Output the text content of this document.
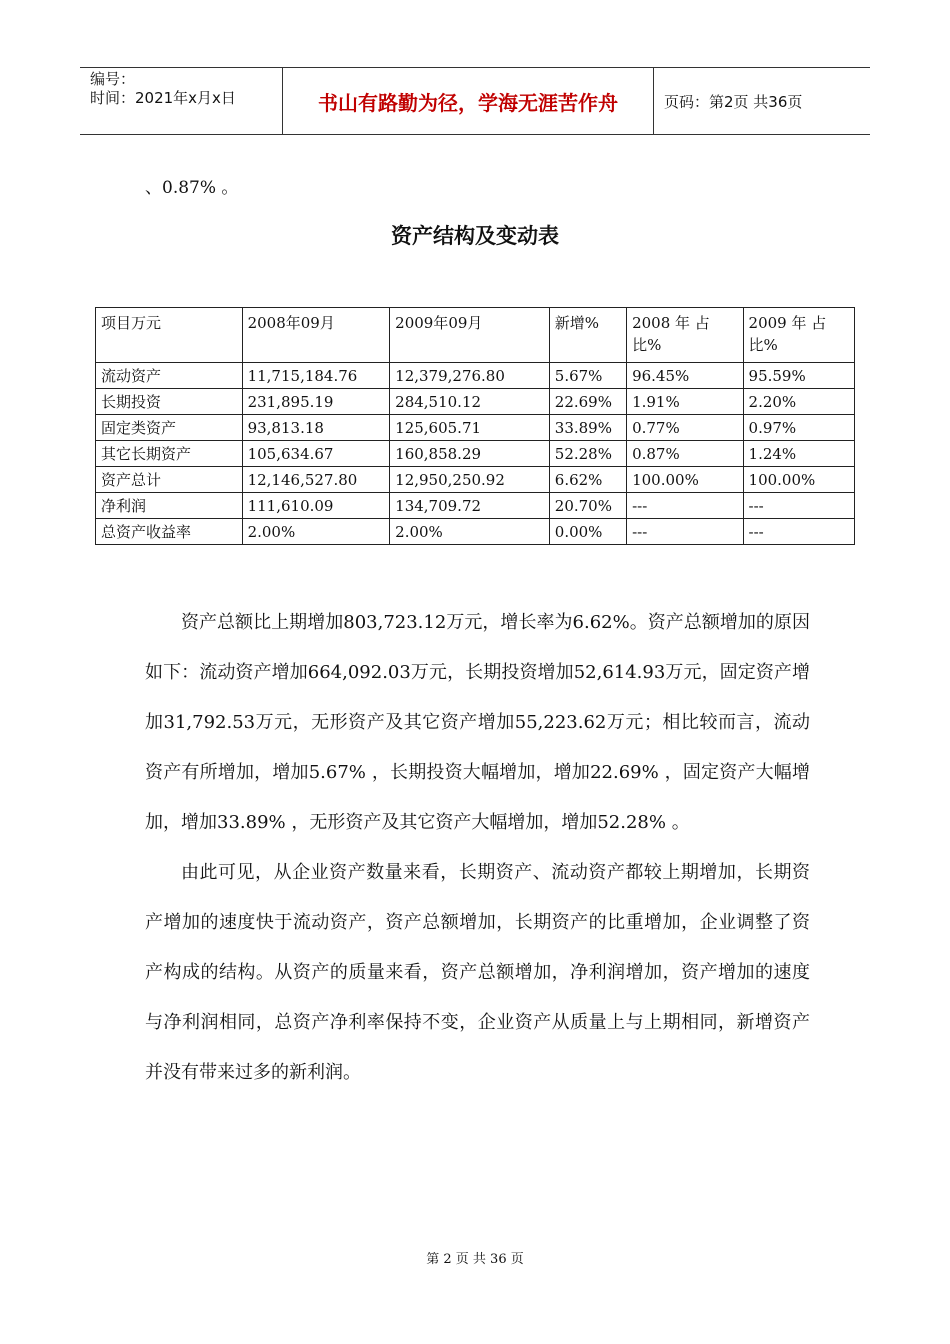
编号：
时间：2021年x月x日	书山有路勤为径，学海无涯苦作舟	页码：第2页 共36页
、0.87% 。
资产结构及变动表
项目万元	2008年09月	2009年09月	新增%	2008 年 占比%	2009 年 占比%
流动资产	11,715,184.76	12,379,276.80	5.67%	96.45%	95.59%
长期投资	231,895.19	284,510.12	22.69%	1.91%	2.20%
固定类资产	93,813.18	125,605.71	33.89%	0.77%	0.97%
其它长期资产	105,634.67	160,858.29	52.28%	0.87%	1.24%
资产总计	12,146,527.80	12,950,250.92	6.62%	100.00%	100.00%
净利润	111,610.09	134,709.72	20.70%	---	---
总资产收益率	2.00%	2.00%	0.00%	---	---

资产总额比上期增加803,723.12万元，增长率为6.62%。资产总额增加的原因如下：流动资产增加664,092.03万元，长期投资增加52,614.93万元，固定资产增加31,792.53万元，无形资产及其它资产增加55,223.62万元；相比较而言，流动资产有所增加，增加5.67% ，长期投资大幅增加，增加22.69% ，固定资产大幅增加，增加33.89% ，无形资产及其它资产大幅增加，增加52.28% 。

由此可见，从企业资产数量来看，长期资产、流动资产都较上期增加，长期资产增加的速度快于流动资产，资产总额增加，长期资产的比重增加，企业调整了资产构成的结构。从资产的质量来看，资产总额增加，净利润增加，资产增加的速度与净利润相同，总资产净利率保持不变，企业资产从质量上与上期相同，新增资产并没有带来过多的新利润。

第 2 页 共 36 页
